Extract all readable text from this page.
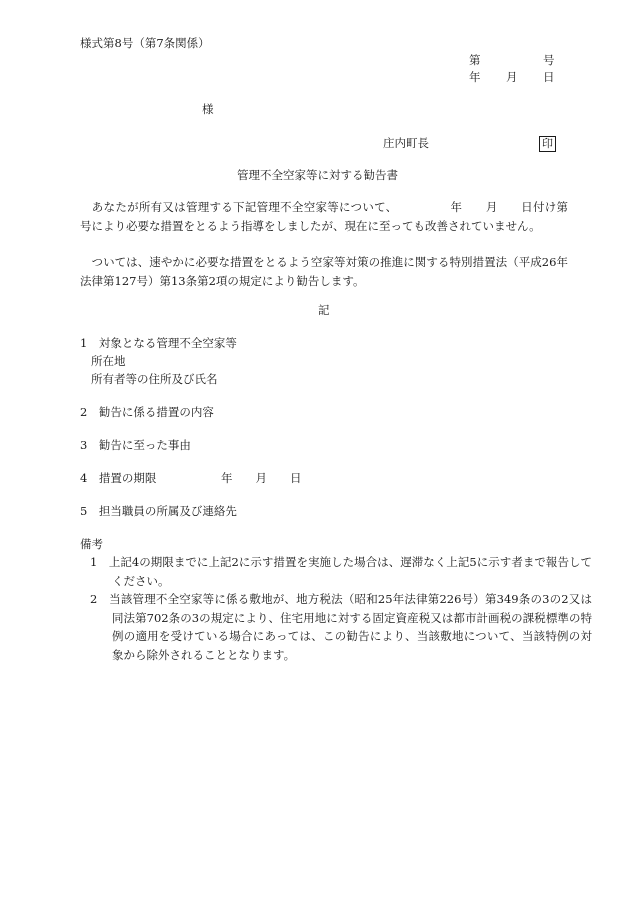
様式第8号（第7条関係）
第	号
年 月 日
様
庄内町長	印
管理不全空家等に対する勧告書
あなたが所有又は管理する下記管理不全空家等について、　　　　　年　　月　　日付け第　　号により必要な措置をとるよう指導をしましたが、現在に至っても改善されていません。
ついては、速やかに必要な措置をとるよう空家等対策の推進に関する特別措置法（平成26年法律第127号）第13条第2項の規定により勧告します。
記
1　対象となる管理不全空家等
所在地
所有者等の住所及び氏名
2　勧告に係る措置の内容
3　勧告に至った事由
4　措置の期限	年　　月　　日
5　担当職員の所属及び連絡先
備考
1　上記4の期限までに上記2に示す措置を実施した場合は、遅滞なく上記5に示す者まで報告してください。
2　当該管理不全空家等に係る敷地が、地方税法（昭和25年法律第226号）第349条の3の2又は同法第702条の3の規定により、住宅用地に対する固定資産税又は都市計画税の課税標準の特例の適用を受けている場合にあっては、この勧告により、当該敷地について、当該特例の対象から除外されることとなります。
